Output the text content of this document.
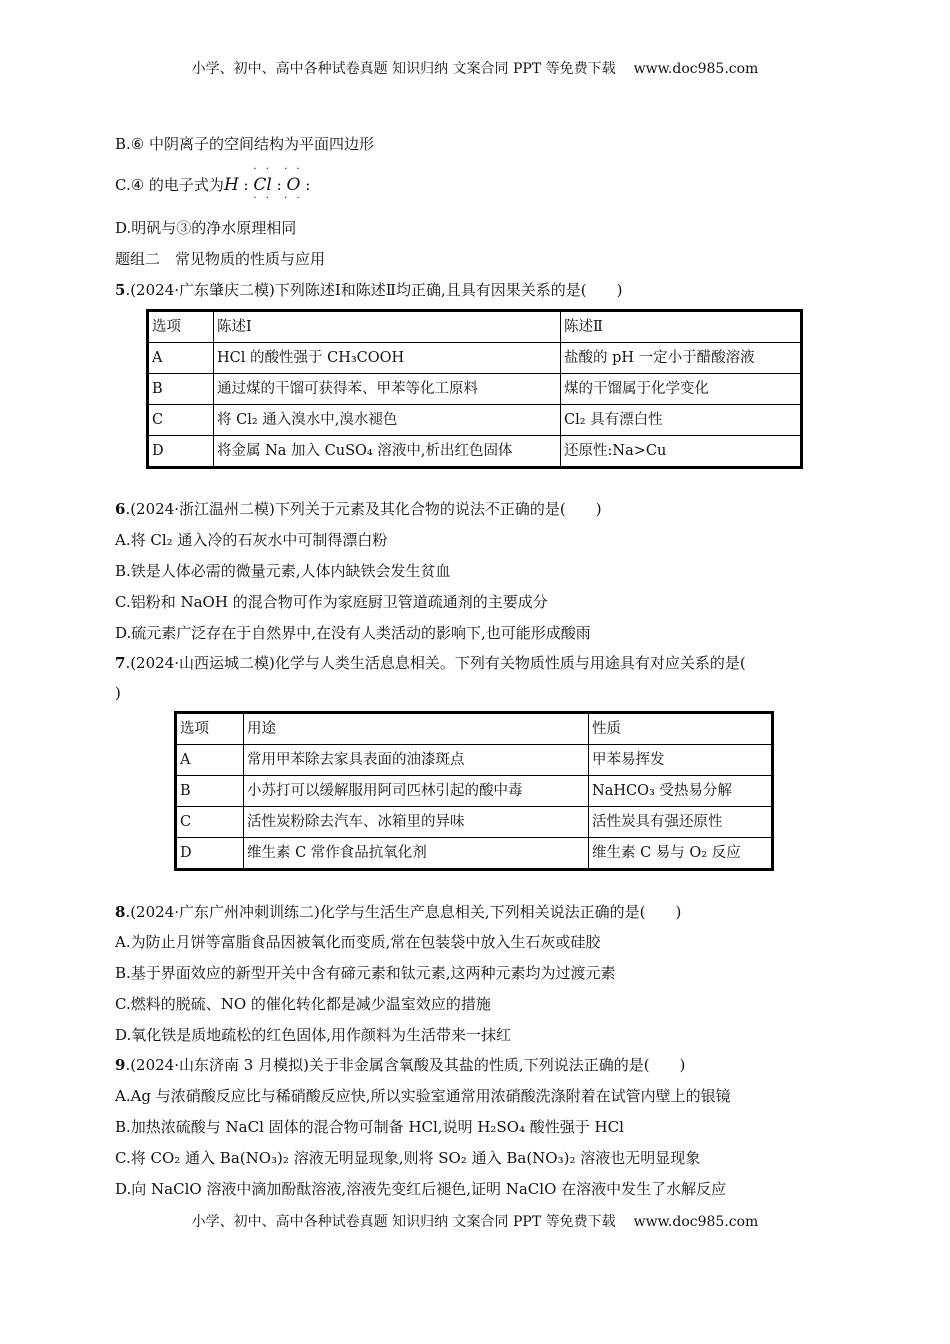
小学、初中、高中各种试卷真题 知识归纳 文案合同 PPT 等免费下载 www.doc985.com
B.⑥ 中阴离子的空间结构为平面四边形
C.④ 的电子式为H :
· ·
Cl
· ·
:
· ·
O
· ·
:
D.明矾与③的净水原理相同
题组二　常见物质的性质与应用
5.(2024·广东肇庆二模)下列陈述Ⅰ和陈述Ⅱ均正确,且具有因果关系的是(　　)
选项	陈述Ⅰ	陈述Ⅱ
A	HCl 的酸性强于 CH₃COOH	盐酸的 pH 一定小于醋酸溶液
B	通过煤的干馏可获得苯、甲苯等化工原料	煤的干馏属于化学变化
C	将 Cl₂ 通入溴水中,溴水褪色	Cl₂ 具有漂白性
D	将金属 Na 加入 CuSO₄ 溶液中,析出红色固体	还原性:Na>Cu
6.(2024·浙江温州二模)下列关于元素及其化合物的说法不正确的是(　　)
A.将 Cl₂ 通入冷的石灰水中可制得漂白粉
B.铁是人体必需的微量元素,人体内缺铁会发生贫血
C.铝粉和 NaOH 的混合物可作为家庭厨卫管道疏通剂的主要成分
D.硫元素广泛存在于自然界中,在没有人类活动的影响下,也可能形成酸雨
7.(2024·山西运城二模)化学与人类生活息息相关。下列有关物质性质与用途具有对应关系的是(
)
选项	用途	性质
A	常用甲苯除去家具表面的油漆斑点	甲苯易挥发
B	小苏打可以缓解服用阿司匹林引起的酸中毒	NaHCO₃ 受热易分解
C	活性炭粉除去汽车、冰箱里的异味	活性炭具有强还原性
D	维生素 C 常作食品抗氧化剂	维生素 C 易与 O₂ 反应
8.(2024·广东广州冲刺训练二)化学与生活生产息息相关,下列相关说法正确的是(　　)
A.为防止月饼等富脂食品因被氧化而变质,常在包装袋中放入生石灰或硅胶
B.基于界面效应的新型开关中含有碲元素和钛元素,这两种元素均为过渡元素
C.燃料的脱硫、NO 的催化转化都是减少温室效应的措施
D.氧化铁是质地疏松的红色固体,用作颜料为生活带来一抹红
9.(2024·山东济南 3 月模拟)关于非金属含氧酸及其盐的性质,下列说法正确的是(　　)
A.Ag 与浓硝酸反应比与稀硝酸反应快,所以实验室通常用浓硝酸洗涤附着在试管内壁上的银镜
B.加热浓硫酸与 NaCl 固体的混合物可制备 HCl,说明 H₂SO₄ 酸性强于 HCl
C.将 CO₂ 通入 Ba(NO₃)₂ 溶液无明显现象,则将 SO₂ 通入 Ba(NO₃)₂ 溶液也无明显现象
D.向 NaClO 溶液中滴加酚酞溶液,溶液先变红后褪色,证明 NaClO 在溶液中发生了水解反应
小学、初中、高中各种试卷真题 知识归纳 文案合同 PPT 等免费下载 www.doc985.com
